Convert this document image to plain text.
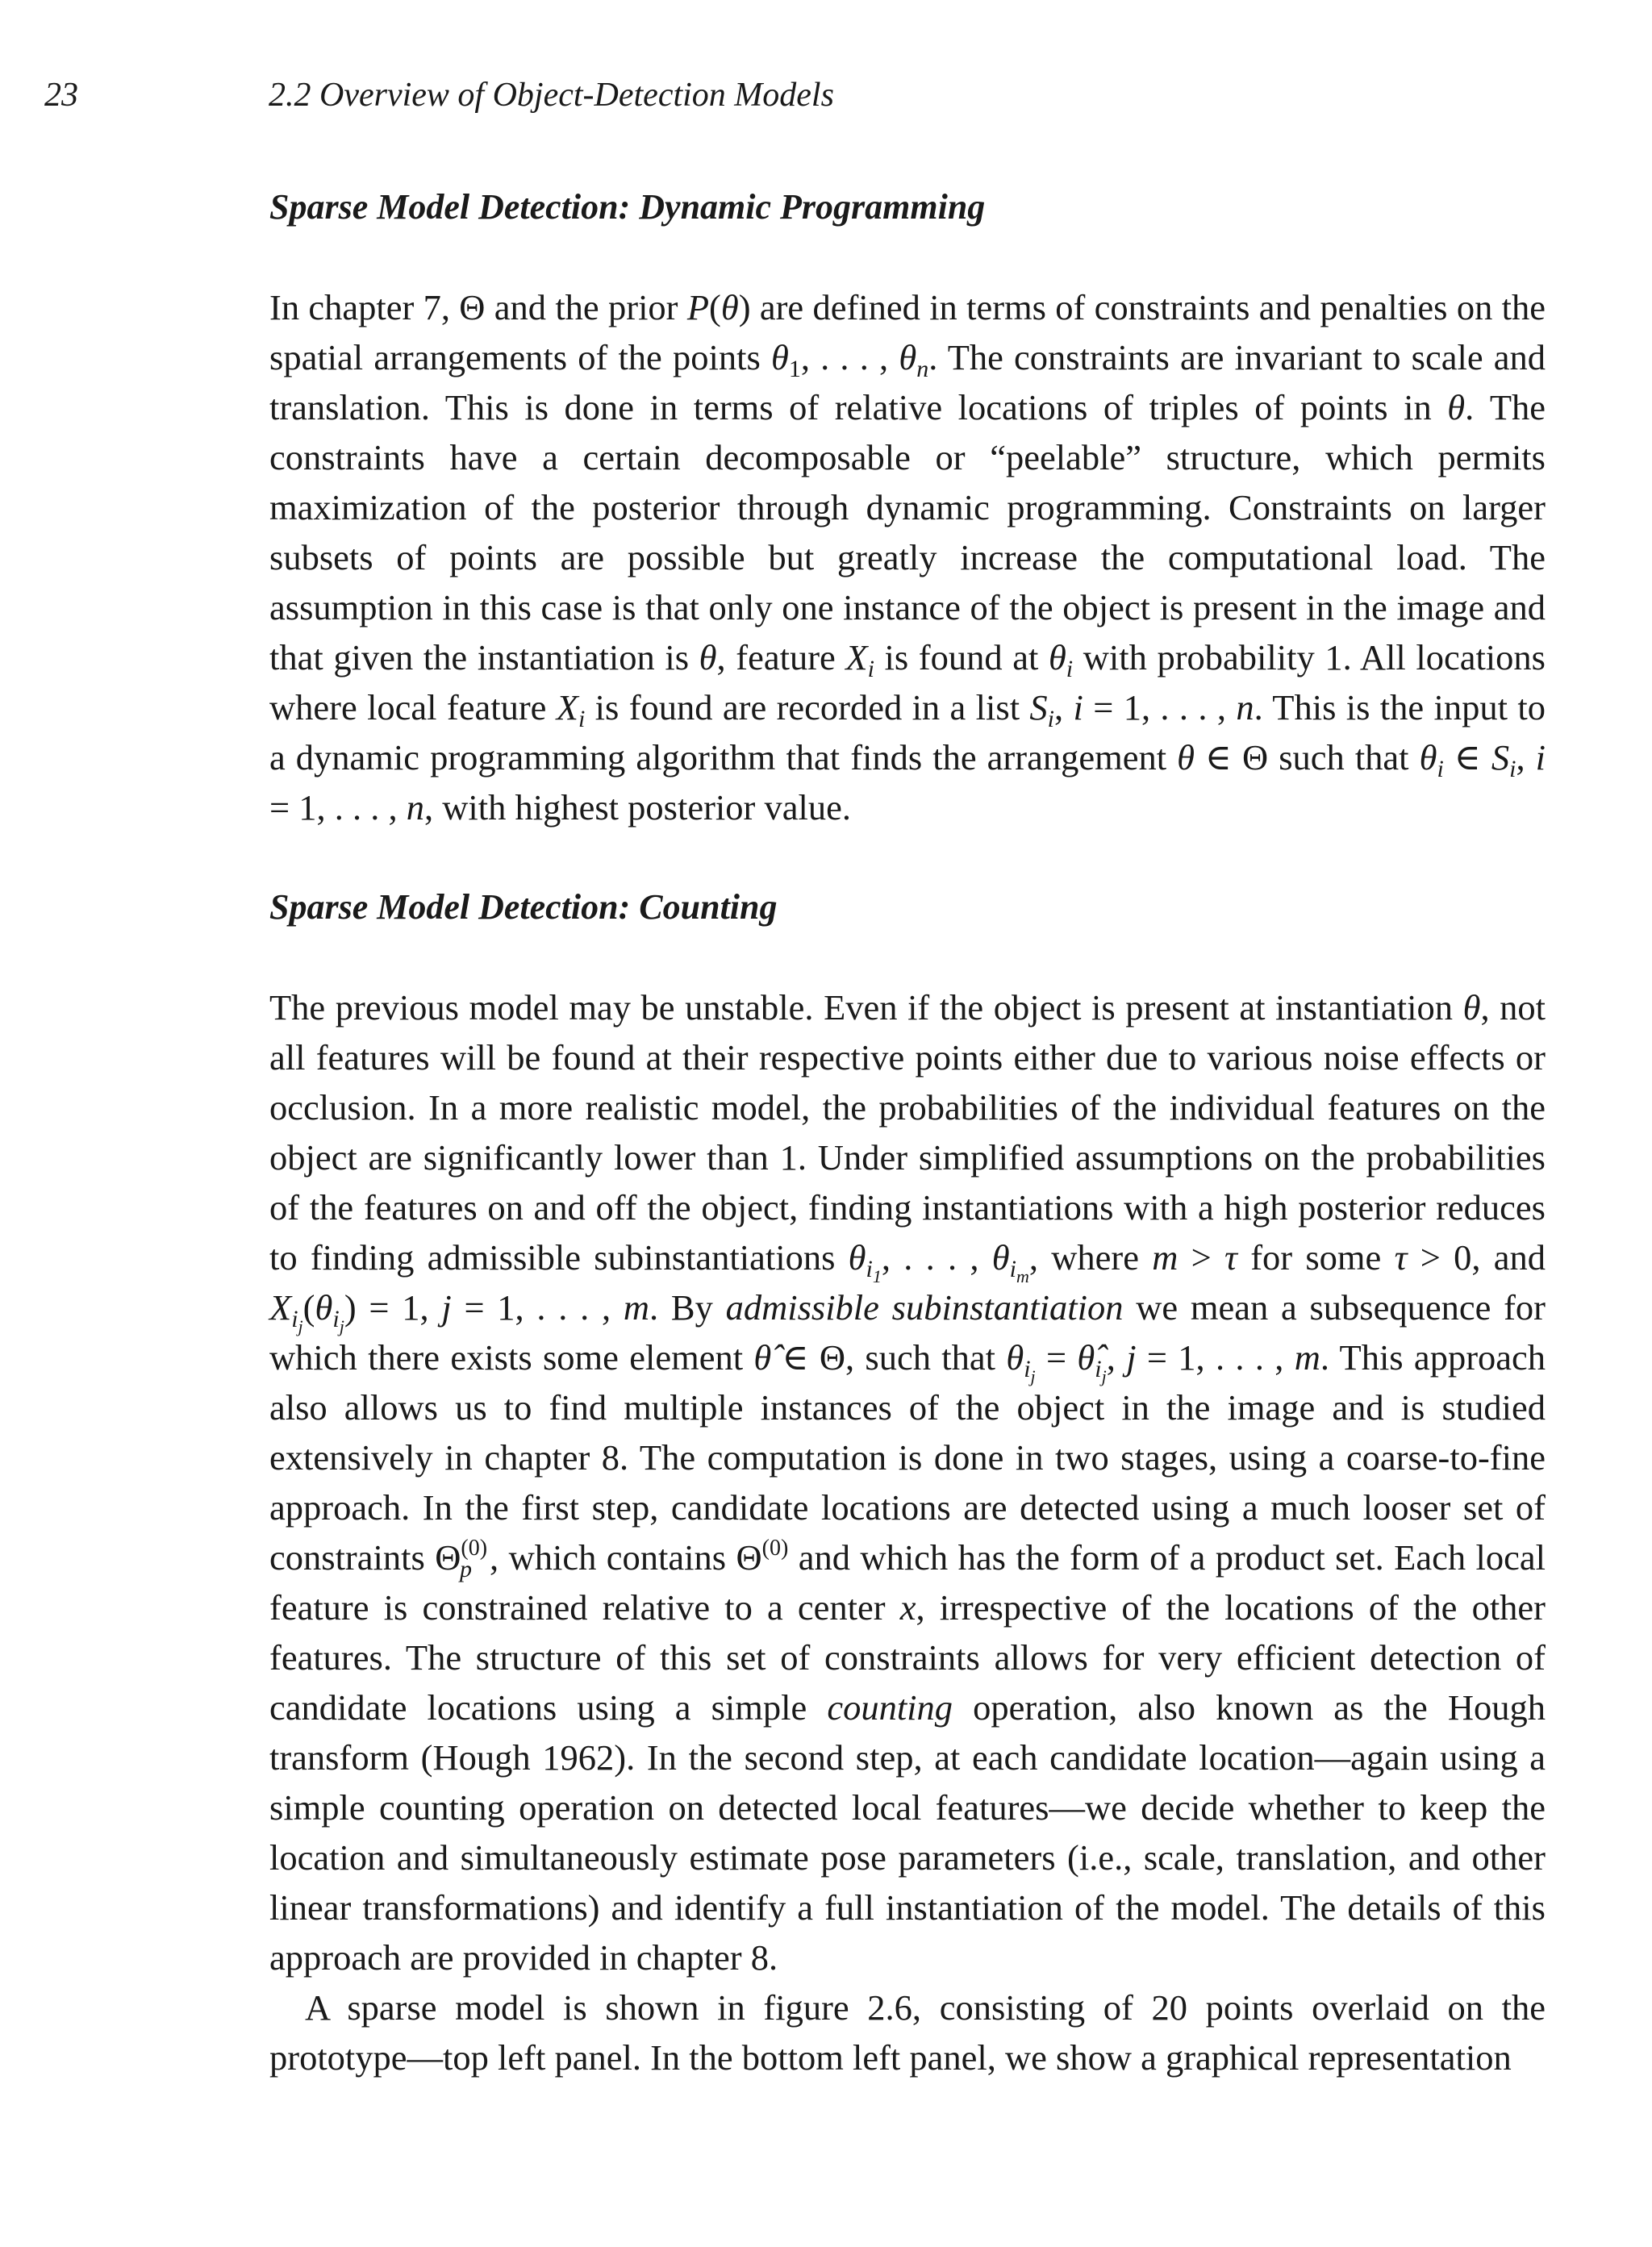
23	2.2 Overview of Object-Detection Models

Sparse Model Detection: Dynamic Programming

In chapter 7, Θ and the prior P(θ) are defined in terms of constraints and penalties on the spatial arrangements of the points $\theta_1$, . . . , $\theta_n$. The constraints are invariant to scale and translation. This is done in terms of relative locations of triples of points in θ. The constraints have a certain decomposable or “peelable” structure, which permits maximization of the posterior through dynamic programming. Constraints on larger subsets of points are possible but greatly increase the computational load. The assumption in this case is that only one instance of the object is present in the image and that given the instantiation is θ, feature $X_i$ is found at $\theta_i$ with probability 1. All locations where local feature $X_i$ is found are recorded in a list $S_i$, i = 1, . . . , n. This is the input to a dynamic programming algorithm that finds the arrangement θ ∈ Θ such that $\theta_i$ ∈ $S_i$, i = 1, . . . , n, with highest posterior value.

Sparse Model Detection: Counting

The previous model may be unstable. Even if the object is present at instantiation θ, not all features will be found at their respective points either due to various noise effects or occlusion. In a more realistic model, the probabilities of the individual features on the object are significantly lower than 1. Under simplified assumptions on the probabilities of the features on and off the object, finding instantiations with a high posterior reduces to finding admissible subinstantiations $\theta_{i_1}$, . . . , $\theta_{i_m}$, where m > τ for some τ > 0, and $X_{i_j}(\theta_{i_j}) = 1$, j = 1, . . . , m. By admissible subinstantiation we mean a subsequence for which there exists some element θ̂ ∈ Θ, such that $\theta_{i_j}$ = $\thetâ_{i_j}$, j = 1, . . . , m. This approach also allows us to find multiple instances of the object in the image and is studied extensively in chapter 8. The computation is done in two stages, using a coarse-to-fine approach. In the first step, candidate locations are detected using a much looser set of constraints $\Theta^{(0)}_p$ , which contains $\Theta^{(0)}$ and which has the form of a product set. Each local feature is constrained relative to a center x, irrespective of the locations of the other features. The structure of this set of constraints allows for very efficient detection of candidate locations using a simple counting operation, also known as the Hough transform (Hough 1962). In the second step, at each candidate location—again using a simple counting operation on detected local features—we decide whether to keep the location and simultaneously estimate pose parameters (i.e., scale, translation, and other linear transformations) and identify a full instantiation of the model. The details of this approach are provided in chapter 8.

A sparse model is shown in figure 2.6, consisting of 20 points overlaid on the prototype—top left panel. In the bottom left panel, we show a graphical representation
